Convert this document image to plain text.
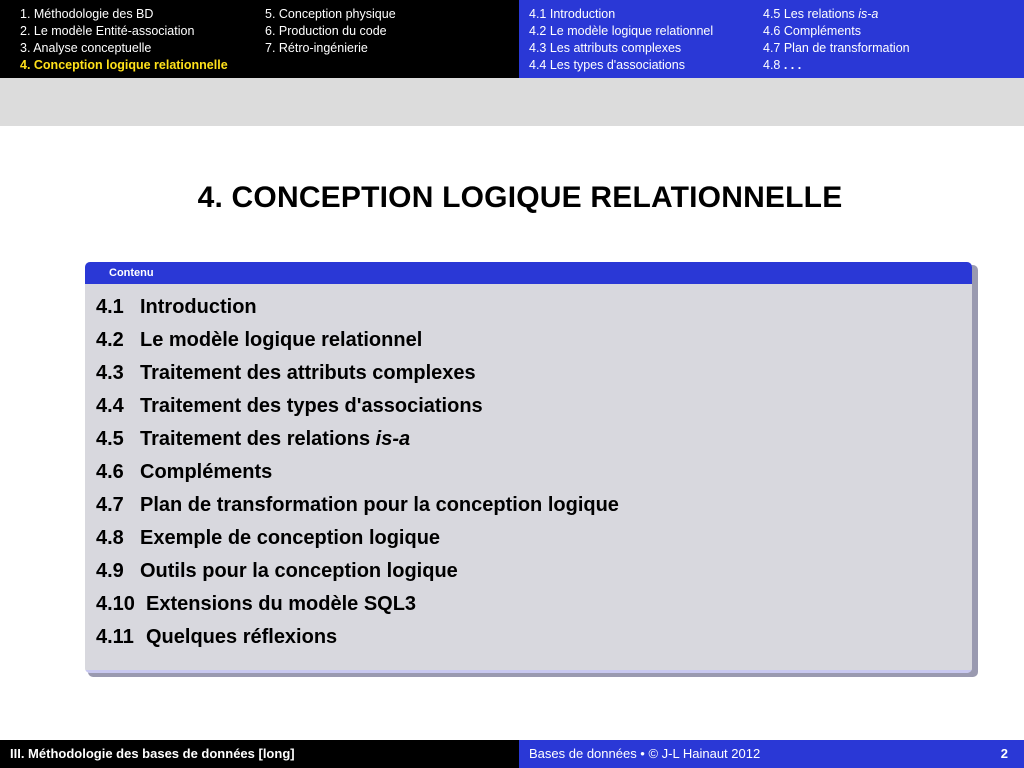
1. Méthodologie des BD
2. Le modèle Entité-association
3. Analyse conceptuelle
4. Conception logique relationnelle
5. Conception physique
6. Production du code
7. Rétro-ingénierie
4.1 Introduction
4.2 Le modèle logique relationnel
4.3 Les attributs complexes
4.4 Les types d'associations
4.5 Les relations is-a
4.6 Compléments
4.7 Plan de transformation
4.8 . . .
4. CONCEPTION LOGIQUE RELATIONNELLE
Contenu
4.1 Introduction
4.2 Le modèle logique relationnel
4.3 Traitement des attributs complexes
4.4 Traitement des types d'associations
4.5 Traitement des relations is-a
4.6 Compléments
4.7 Plan de transformation pour la conception logique
4.8 Exemple de conception logique
4.9 Outils pour la conception logique
4.10 Extensions du modèle SQL3
4.11 Quelques réflexions
III. Méthodologie des bases de données [long]	Bases de données • © J-L Hainaut 2012	2
